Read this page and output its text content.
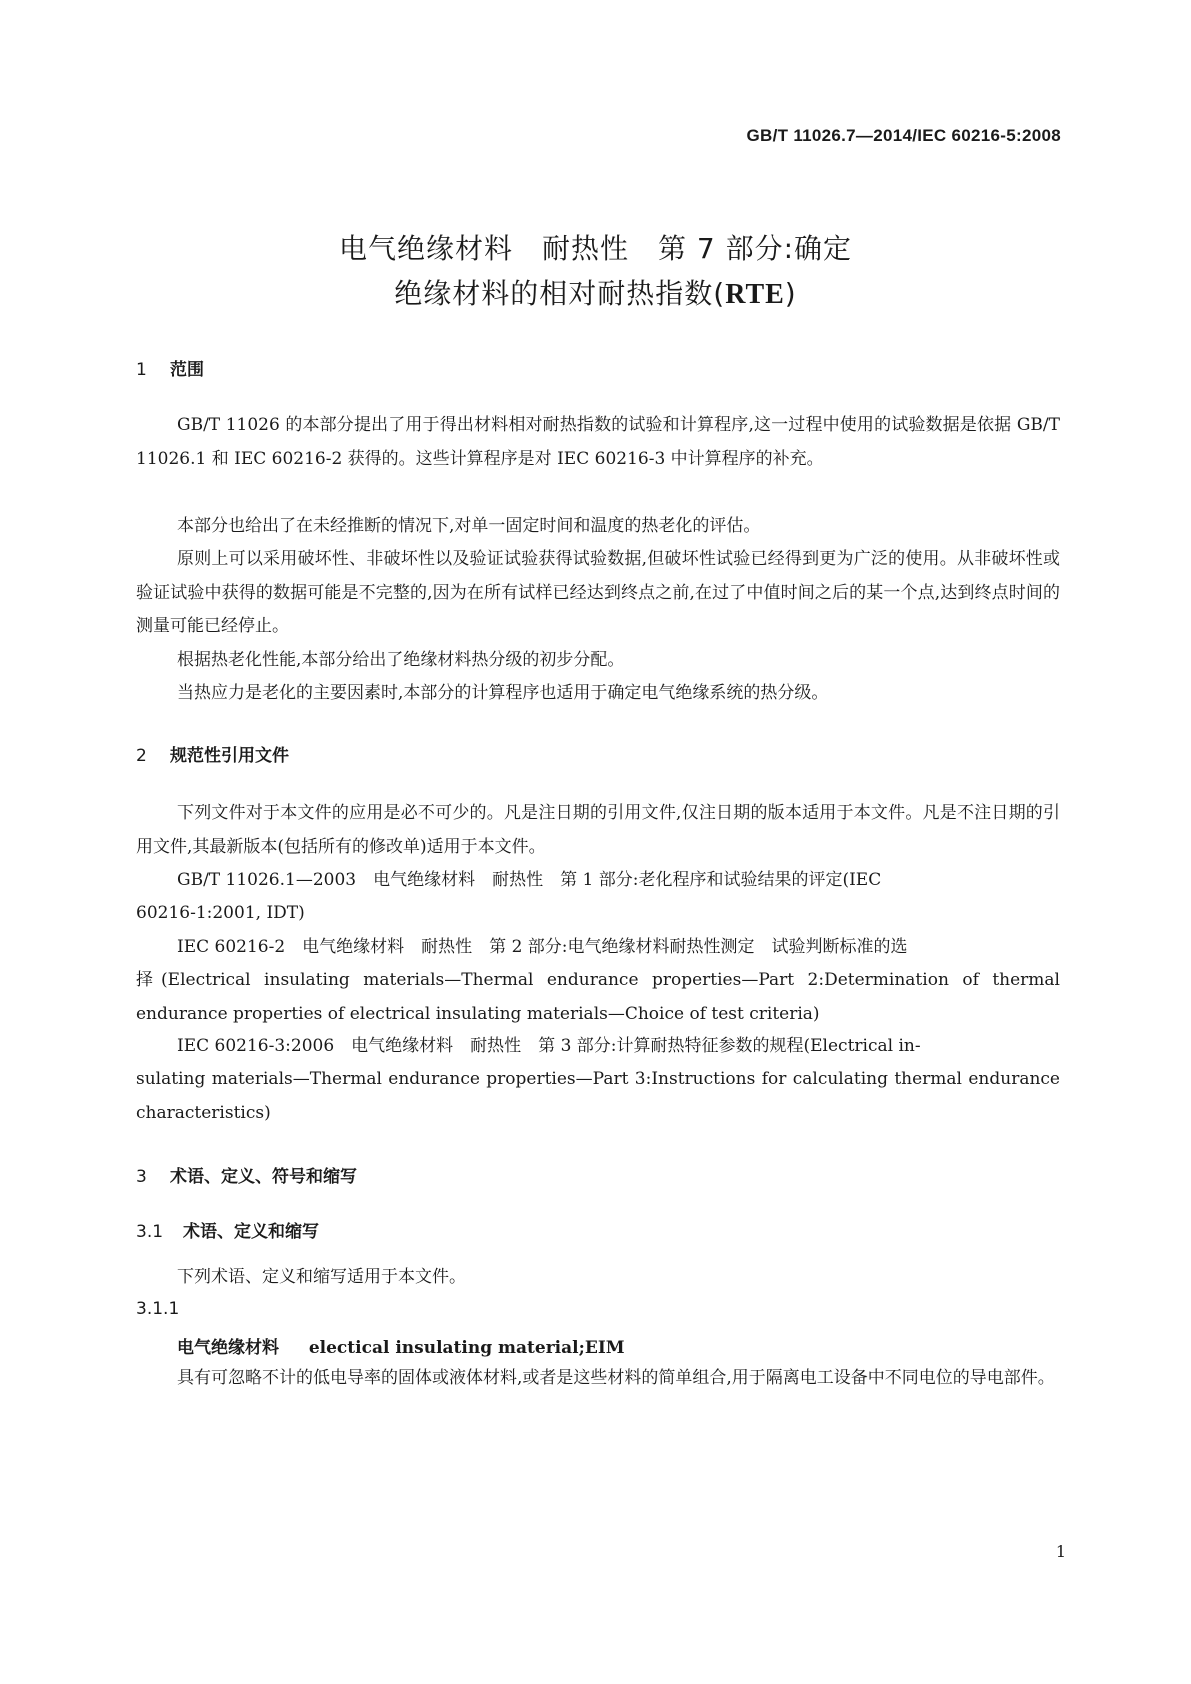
GB/T 11026.7—2014/IEC 60216-5:2008
电气绝缘材料　耐热性　第 7 部分:确定
绝缘材料的相对耐热指数(RTE)
1 范围
GB/T 11026 的本部分提出了用于得出材料相对耐热指数的试验和计算程序,这一过程中使用的试验数据是依据 GB/T 11026.1 和 IEC 60216-2 获得的。这些计算程序是对 IEC 60216-3 中计算程序的补充。
本部分也给出了在未经推断的情况下,对单一固定时间和温度的热老化的评估。
原则上可以采用破坏性、非破坏性以及验证试验获得试验数据,但破坏性试验已经得到更为广泛的使用。从非破坏性或验证试验中获得的数据可能是不完整的,因为在所有试样已经达到终点之前,在过了中值时间之后的某一个点,达到终点时间的测量可能已经停止。
根据热老化性能,本部分给出了绝缘材料热分级的初步分配。
当热应力是老化的主要因素时,本部分的计算程序也适用于确定电气绝缘系统的热分级。
2 规范性引用文件
下列文件对于本文件的应用是必不可少的。凡是注日期的引用文件,仅注日期的版本适用于本文件。凡是不注日期的引用文件,其最新版本(包括所有的修改单)适用于本文件。
GB/T 11026.1—2003　电气绝缘材料　耐热性　第 1 部分:老化程序和试验结果的评定(IEC
60216-1:2001, IDT)
IEC 60216-2　电气绝缘材料　耐热性　第 2 部分:电气绝缘材料耐热性测定　试验判断标准的选
择(Electrical insulating materials—Thermal endurance properties—Part 2:Determination of thermal endurance properties of electrical insulating materials—Choice of test criteria)
IEC 60216-3:2006　电气绝缘材料　耐热性　第 3 部分:计算耐热特征参数的规程(Electrical in-
sulating materials—Thermal endurance properties—Part 3:Instructions for calculating thermal endurance characteristics)
3 术语、定义、符号和缩写
3.1 术语、定义和缩写
下列术语、定义和缩写适用于本文件。
3.1.1
电气绝缘材料 electical insulating material;EIM
具有可忽略不计的低电导率的固体或液体材料,或者是这些材料的简单组合,用于隔离电工设备中不同电位的导电部件。
1
